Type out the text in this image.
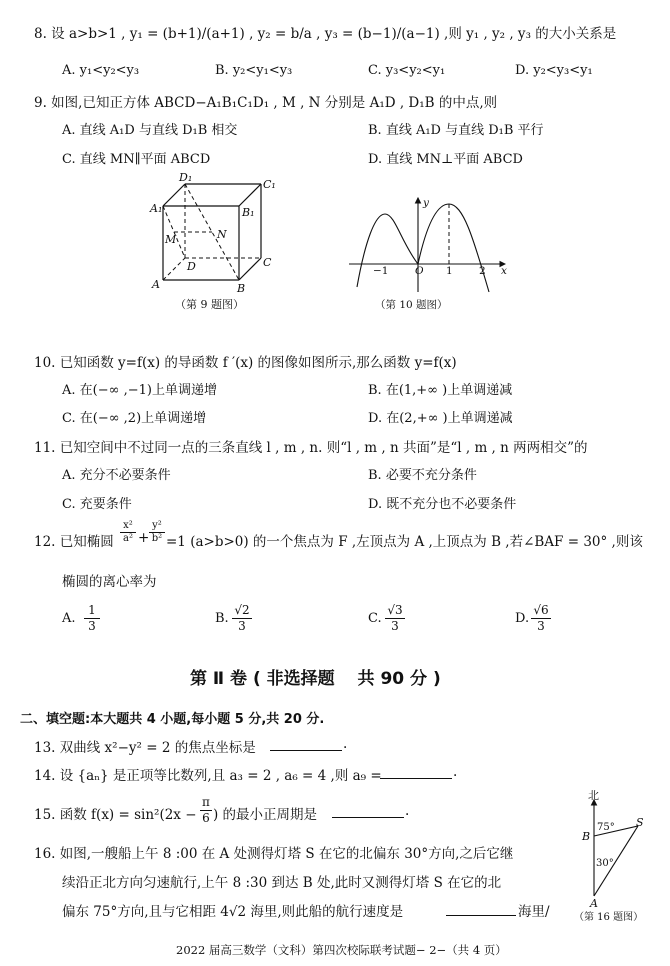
8. 设 a>b>1 , y₁ = (b+1)/(a+1) , y₂ = b/a , y₃ = (b−1)/(a−1) ,则 y₁ , y₂ , y₃ 的大小关系是
A. y₁<y₂<y₃	B. y₂<y₁<y₃	C. y₃<y₂<y₁	D. y₂<y₃<y₁
9. 如图,已知正方体 ABCD−A₁B₁C₁D₁ , M , N 分别是 A₁D , D₁B 的中点,则
A. 直线 A₁D 与直线 D₁B 相交	B. 直线 A₁D 与直线 D₁B 平行
C. 直线 MN∥平面 ABCD	D. 直线 MN⊥平面 ABCD
D₁
C₁
A₁	B₁
M	N
D	C
A	B
（第 9 题图）
y
x
O
−1	1	2
（第 10 题图）
10. 已知函数 y=f(x) 的导函数 f ′(x) 的图像如图所示,那么函数 y=f(x)
A. 在(−∞ ,−1)上单调递增	B. 在(1,+∞ )上单调递减
C. 在(−∞ ,2)上单调递增	D. 在(2,+∞ )上单调递减
11. 已知空间中不过同一点的三条直线 l , m , n. 则“l , m , n 共面”是“l , m , n 两两相交”的
A. 充分不必要条件	B. 必要不充分条件
C. 充要条件	D. 既不充分也不必要条件
12. 已知椭圆 $\frac{\text{x²}}{\text{a²}} + \frac{\text{y²}}{\text{b²}} =1$ (a>b>0) 的一个焦点为 F ,左顶点为 A ,上顶点为 B ,若∠BAF = 30° ,则该
椭圆的离心率为
A. $\frac{1}{3}$	B. $\frac{√2}{3}$	C. $\frac{√3}{3}$	D. $\frac{√6}{3}$
第 Ⅱ 卷 ( 非选择题　 共 90 分 )
二、填空题:本大题共 4 小题,每小题 5 分,共 20 分.
13. 双曲线 x²−y² = 2 的焦点坐标是	.
14. 设 {aₙ} 是正项等比数列,且 a₃ = 2 , a₆ = 4 ,则 a₉ =	.
15. 函数 $f(x) = \sin^2(2x - \frac{\pi}{6}$ ) 的最小正周期是	.
16. 如图,一艘船上午 8 :00 在 A 处测得灯塔 S 在它的北偏东 30°方向,之后它继
续沿正北方向匀速航行,上午 8 :30 到达 B 处,此时又测得灯塔 S 在它的北
偏东 75°方向,且与它相距 4√2 海里,则此船的航行速度是	海里/
北
B
S
A
75°
30°
（第 16 题图）
2022 届高三数学（文科）第四次校际联考试题− 2−（共 4 页）
